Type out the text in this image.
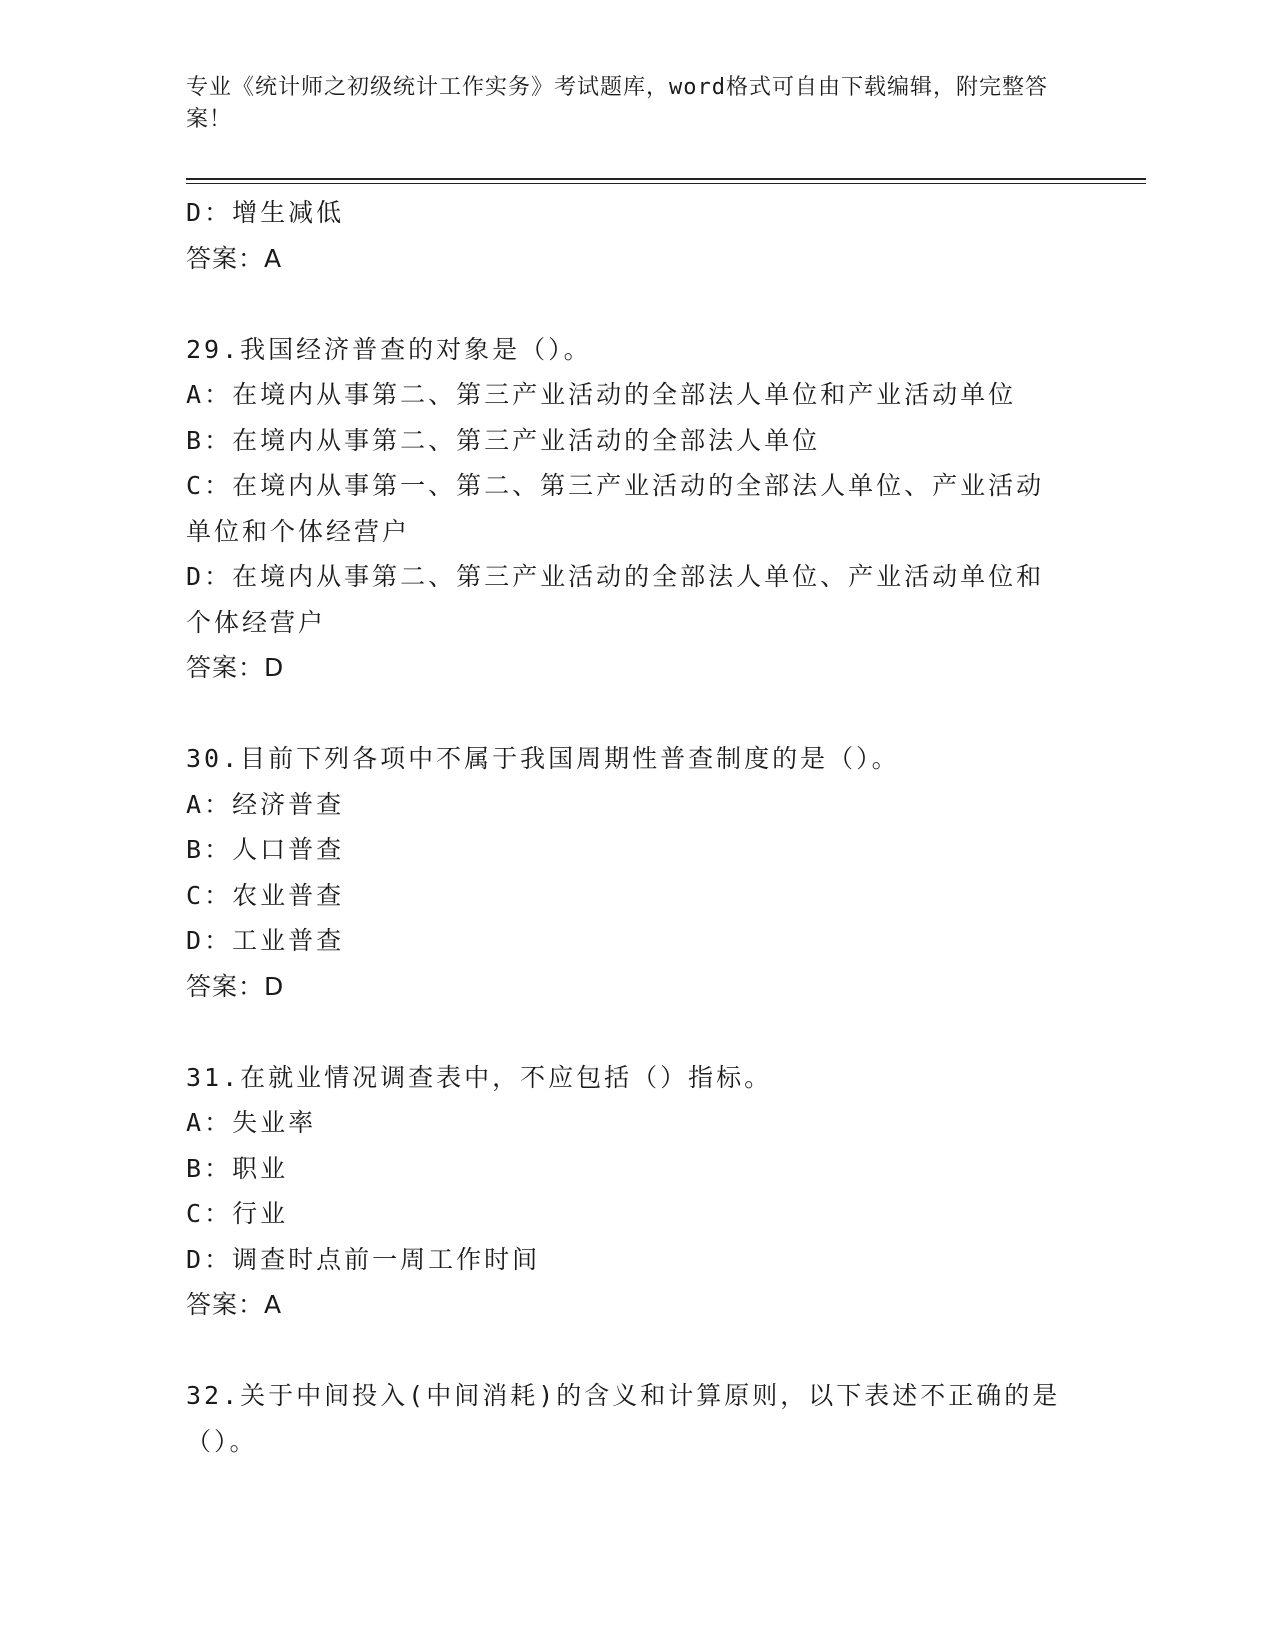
专业《统计师之初级统计工作实务》考试题库，word格式可自由下载编辑，附完整答案！
D：增生减低
答案：A
29.我国经济普查的对象是（）。
A：在境内从事第二、第三产业活动的全部法人单位和产业活动单位
B：在境内从事第二、第三产业活动的全部法人单位
C：在境内从事第一、第二、第三产业活动的全部法人单位、产业活动单位和个体经营户
D：在境内从事第二、第三产业活动的全部法人单位、产业活动单位和个体经营户
答案：D
30.目前下列各项中不属于我国周期性普查制度的是（）。
A：经济普查
B：人口普查
C：农业普查
D：工业普查
答案：D
31.在就业情况调查表中，不应包括（）指标。
A：失业率
B：职业
C：行业
D：调查时点前一周工作时间
答案：A
32.关于中间投入(中间消耗)的含义和计算原则，以下表述不正确的是（）。
